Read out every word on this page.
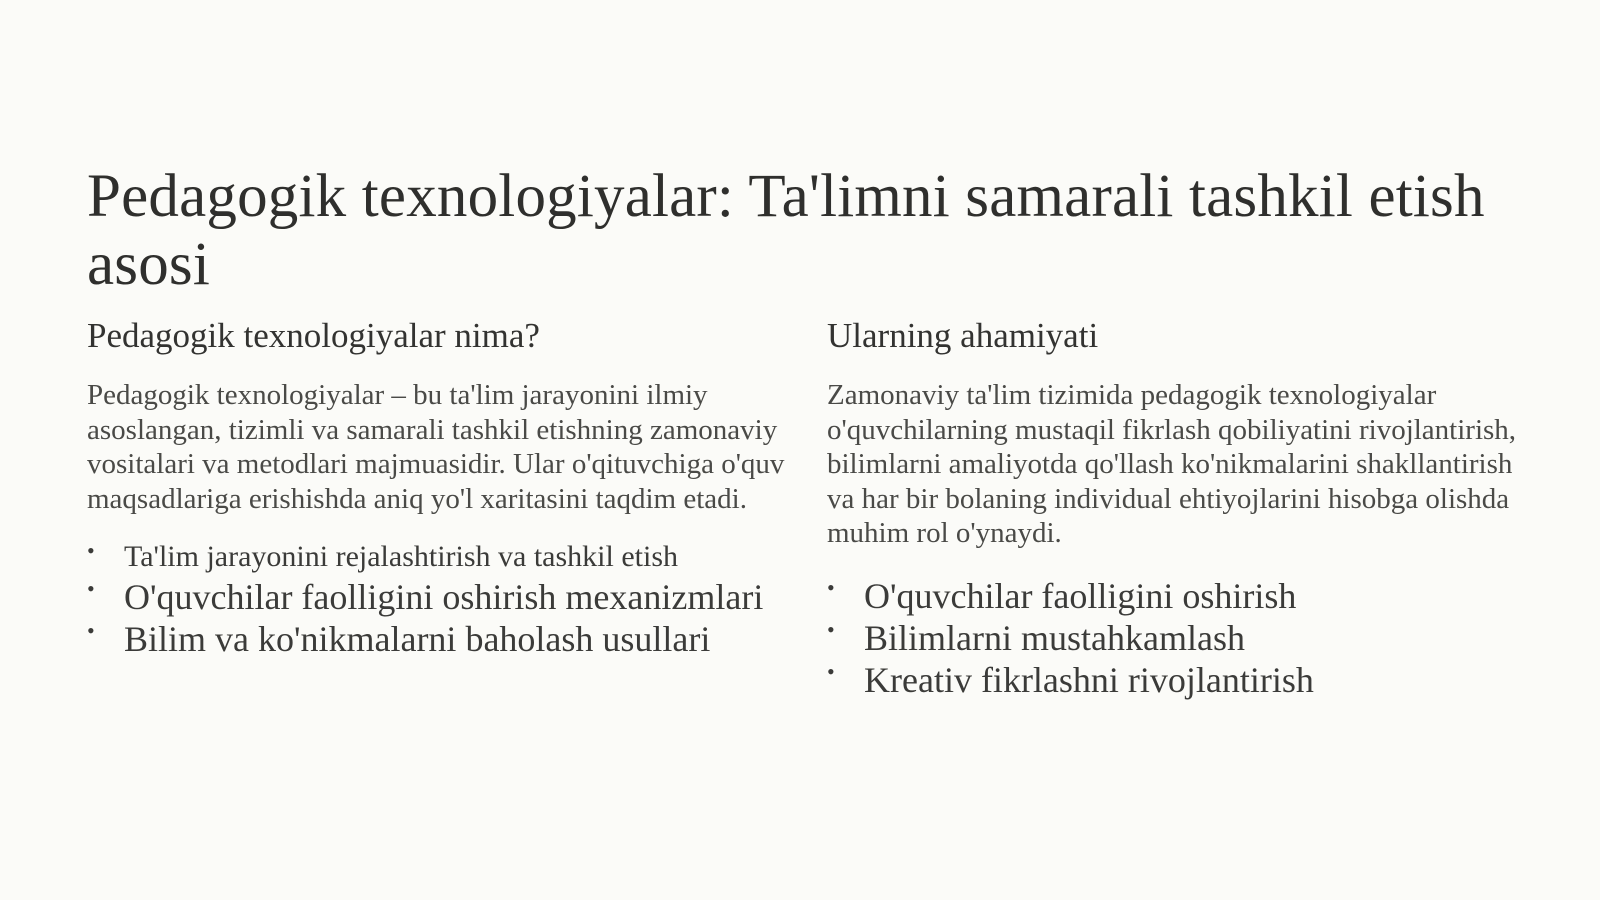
Pedagogik texnologiyalar: Ta'limni samarali tashkil etish asosi
Pedagogik texnologiyalar nima?

Pedagogik texnologiyalar – bu ta'lim jarayonini ilmiy asoslangan, tizimli va samarali tashkil etishning zamonaviy vositalari va metodlari majmuasidir. Ular o'qituvchiga o'quv maqsadlariga erishishda aniq yo'l xaritasini taqdim etadi.

• Ta'lim jarayonini rejalashtirish va tashkil etish
• O'quvchilar faolligini oshirish mexanizmlari
• Bilim va ko'nikmalarni baholash usullari
Ularning ahamiyati

Zamonaviy ta'lim tizimida pedagogik texnologiyalar o'quvchilarning mustaqil fikrlash qobiliyatini rivojlantirish, bilimlarni amaliyotda qo'llash ko'nikmalarini shakllantirish va har bir bolaning individual ehtiyojlarini hisobga olishda muhim rol o'ynaydi.

• O'quvchilar faolligini oshirish
• Bilimlarni mustahkamlash
• Kreativ fikrlashni rivojlantirish
